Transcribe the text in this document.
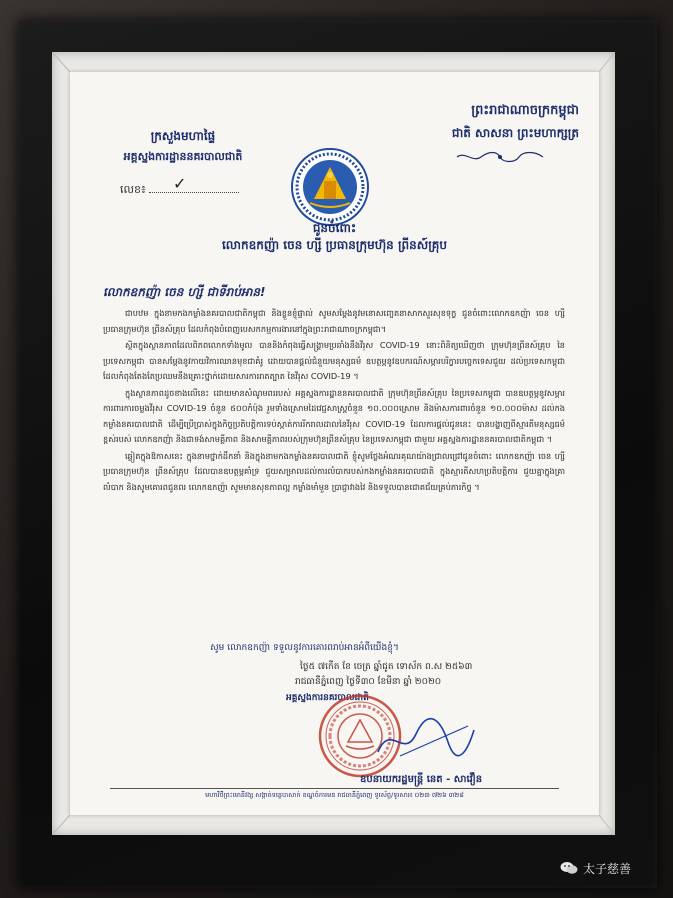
ព្រះរាជាណាចក្រកម្ពុជា
ជាតិ សាសនា ព្រះមហាក្សត្រ
ក្រសួងមហាផ្ទៃ
អគ្គស្នងការដ្ឋាននគរបាលជាតិ
លេខ៖	✓
ជូនចំពោះ
លោកឧកញ៉ា ចេន ហ្សី ប្រធានក្រុមហ៊ុន ព្រីនស៍គ្រុប
លោកឧកញ៉ា ចេន ហ្សី ជាទីរាប់អាន!

ជាបឋម ក្នុងនាមកងកម្លាំងនគរបាលជាតិកម្ពុជា និងខ្លួនខ្ញុំផ្ទាល់ សូមសម្តែងនូវមនោសញ្ចេតនាសាកសួរសុខទុក្ខ ជូនចំពោះលោកឧកញ៉ា ចេន ហ្សី ប្រធានក្រុមហ៊ុន ព្រីនស៍គ្រុប ដែលកំពុងបំពេញបេសកកម្មការងារនៅក្នុងព្រះរាជាណាចក្រកម្ពុជា។

ស្ថិតក្នុងស្ថានភាពដែលពិភពលោកទាំងមូល បាននិងកំពុងធ្វើសង្គ្រាមប្រឆាំងនឹងវីរុស COVID-19 នោះពិនិត្យឃើញថា ក្រុមហ៊ុនព្រីនស៍គ្រុប នៃប្រទេសកម្ពុជា បានសម្តែងនូវកាយវិការឈានមុខជាគំរូ ដោយបានផ្តល់ជំនួយមនុស្សធម៌ ឧបត្ថម្ភនូវឧបករណ៍សម្ភារបរិក្ខារបច្ចេកទេសជួយ ដល់ប្រទេសកម្ពុជាដែលកំពុងតែងតែប្រឈមនឹងគ្រោះថ្នាក់ដោយសារការរាតត្បាត នៃវីរុស COVID-19 ។

ក្នុងស្ថានភាពដូចខាងលើនេះ ដោយមានសំណូមពររបស់ អគ្គស្នងការដ្ឋាននគរបាលជាតិ ក្រុមហ៊ុនព្រីនស៍គ្រុប នៃប្រទេសកម្ពុជា បានឧបត្ថម្ភនូវសម្ភារការពារការចម្លងវីរុស COVID-19 ចំនួន ៥០០កំប៉ុង រួមទាំងស្រោមដៃវេជ្ជសាស្ត្រចំនួន ១០.០០០ស្រោម និងម៉ាសការពារចំនួន ១០.០០០ម៉ាស ដល់កងកម្លាំងនគរបាលជាតិ ដើម្បីប្រើប្រាស់ក្នុងកិច្ចប្រតិបត្តិការទប់ស្កាត់ការរីករាលដាលនៃវីរុស COVID-19 ដែលការផ្តល់ជូននេះ បានបង្ហាញពីស្មារតីមនុស្សធម៌ខ្ពស់របស់ លោកឧកញ៉ា និងជាទង់សាមគ្គីភាព និងសាមគ្គីភាពរបស់ក្រុមហ៊ុនព្រីនស៍គ្រុប នៃប្រទេសកម្ពុជា ជាមួយ អគ្គស្នងការដ្ឋាននគរបាលជាតិកម្ពុជា ។

ឆ្លៀតក្នុងឱកាសនេះ ក្នុងនាមថ្នាក់ដឹកនាំ និងក្នុងនាមកងកម្លាំងនគរបាលជាតិ ខ្ញុំសូមថ្លែងអំណរគុណយ៉ាងជ្រាលជ្រៅជូនចំពោះ លោកឧកញ៉ា ចេន ហ្សី ប្រធានក្រុមហ៊ុន ព្រីនស៍គ្រុប ដែលបានឧបត្ថម្ភគាំទ្រ ជួយសម្រាលដល់ការលំបាករបស់កងកម្លាំងនគរបាលជាតិ ក្នុងស្មារតីសហប្រតិបត្តិការ ជួយគ្នាក្នុងគ្រាលំបាក និងសូមគោរពជូនពរ លោកឧកញ៉ា សូមមានសុខភាពល្អ កម្លាំងមាំមួន ប្រាជ្ញាវាងវៃ និងទទួលបានជោគជ័យគ្រប់ភារកិច្ច ។

សូម លោកឧកញ៉ា ទទួលនូវការគោរពរាប់អានអំពីយើងខ្ញុំ។
ថ្ងៃ៥ ៧កើត ខែ ចេត្រ ឆ្នាំជូត ទោស័ក ព.ស ២៥៦៣
រាជធានីភ្នំពេញ ថ្ងៃទី៣០ ខែមីនា ឆ្នាំ ២០២០
អគ្គស្នងការនគរបាលជាតិ
ឧបនាយករដ្ឋមន្ត្រី នេត - សាវឿន
មហាវិថីព្រះមោនីវង្ស សង្កាត់ទន្លេបាសាក់ ខណ្ឌចំការមន រាជធានីភ្នំពេញ ទូរស័ព្ទ/ទូរសារ៖ ០២៣ ៧២៦ ៣២៨
太子慈善
